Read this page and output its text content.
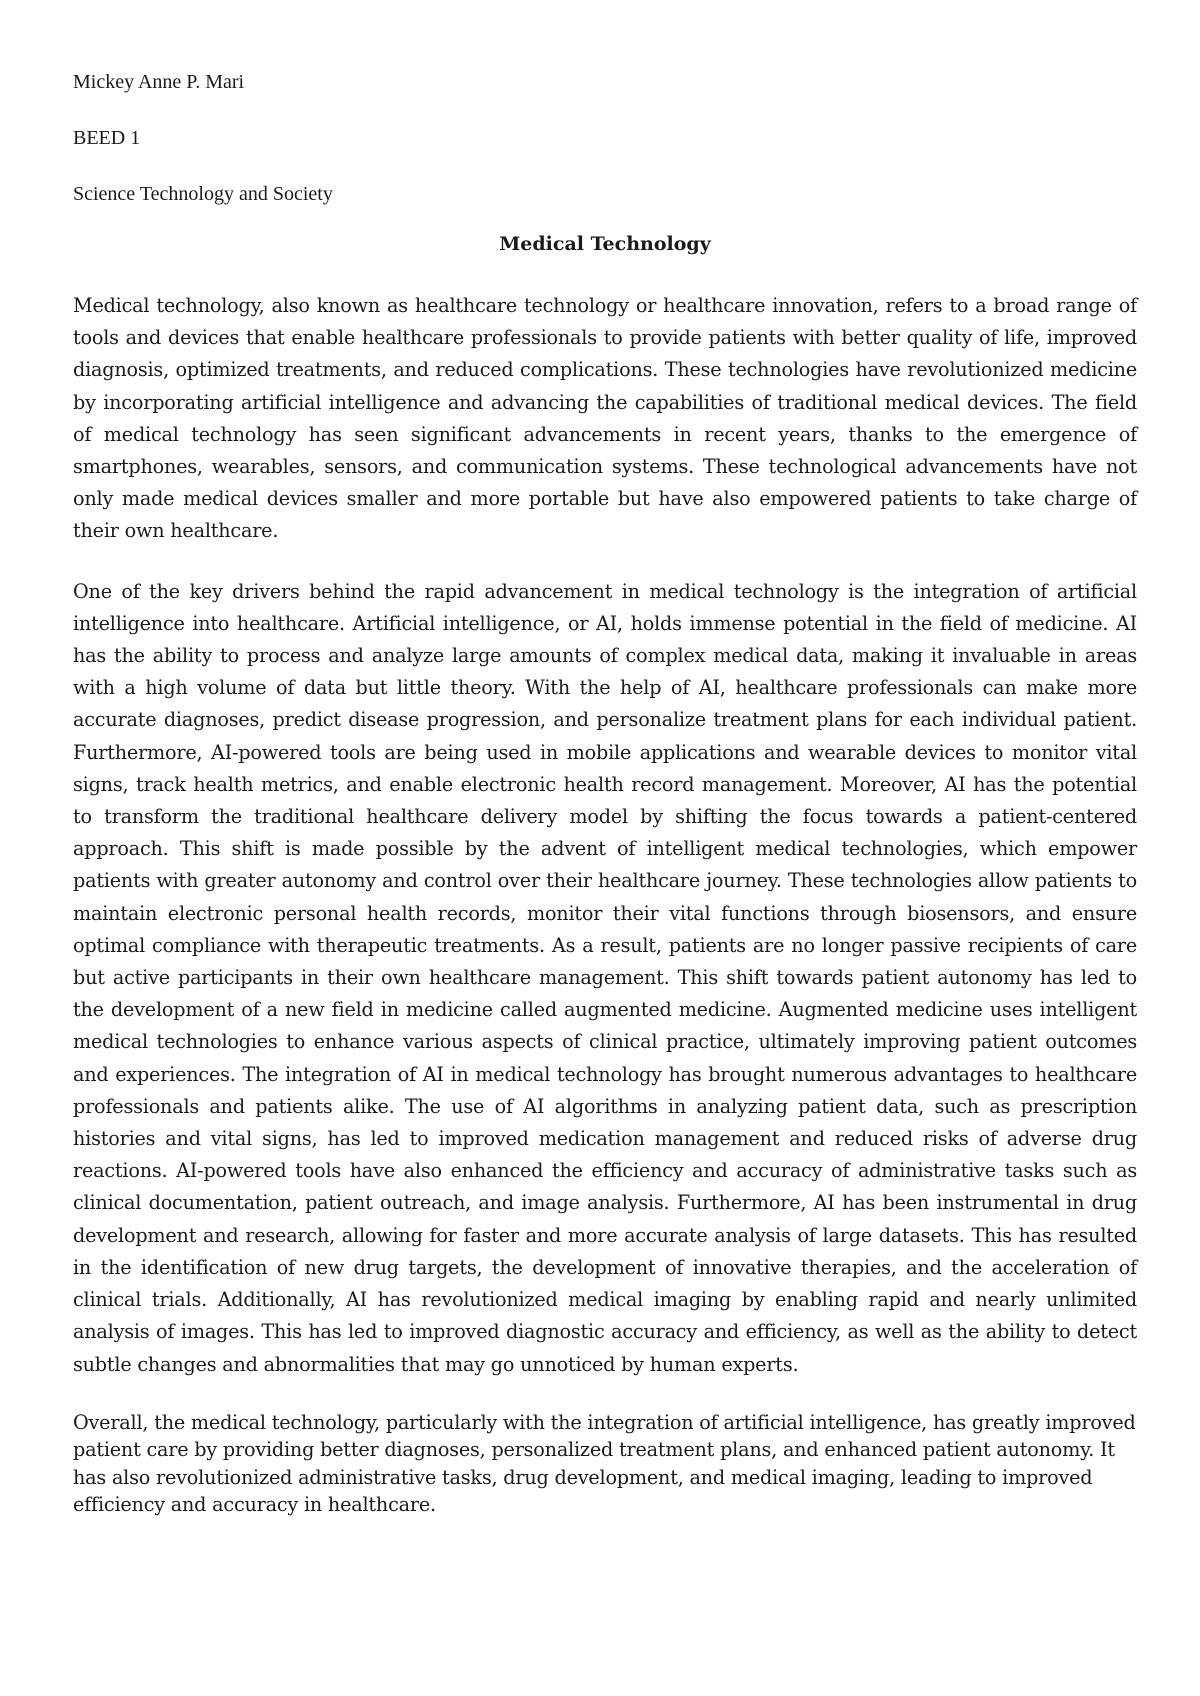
Mickey Anne P. Mari

BEED 1

Science Technology and Society

Medical Technology

Medical technology, also known as healthcare technology or healthcare innovation, refers to a broad range of tools and devices that enable healthcare professionals to provide patients with better quality of life, improved diagnosis, optimized treatments, and reduced complications. These technologies have revolutionized medicine by incorporating artificial intelligence and advancing the capabilities of traditional medical devices. The field of medical technology has seen significant advancements in recent years, thanks to the emergence of smartphones, wearables, sensors, and communication systems. These technological advancements have not only made medical devices smaller and more portable but have also empowered patients to take charge of their own healthcare.

One of the key drivers behind the rapid advancement in medical technology is the integration of artificial intelligence into healthcare. Artificial intelligence, or AI, holds immense potential in the field of medicine. AI has the ability to process and analyze large amounts of complex medical data, making it invaluable in areas with a high volume of data but little theory. With the help of AI, healthcare professionals can make more accurate diagnoses, predict disease progression, and personalize treatment plans for each individual patient. Furthermore, AI-powered tools are being used in mobile applications and wearable devices to monitor vital signs, track health metrics, and enable electronic health record management. Moreover, AI has the potential to transform the traditional healthcare delivery model by shifting the focus towards a patient-centered approach. This shift is made possible by the advent of intelligent medical technologies, which empower patients with greater autonomy and control over their healthcare journey. These technologies allow patients to maintain electronic personal health records, monitor their vital functions through biosensors, and ensure optimal compliance with therapeutic treatments. As a result, patients are no longer passive recipients of care but active participants in their own healthcare management. This shift towards patient autonomy has led to the development of a new field in medicine called augmented medicine. Augmented medicine uses intelligent medical technologies to enhance various aspects of clinical practice, ultimately improving patient outcomes and experiences. The integration of AI in medical technology has brought numerous advantages to healthcare professionals and patients alike. The use of AI algorithms in analyzing patient data, such as prescription histories and vital signs, has led to improved medication management and reduced risks of adverse drug reactions. AI-powered tools have also enhanced the efficiency and accuracy of administrative tasks such as clinical documentation, patient outreach, and image analysis. Furthermore, AI has been instrumental in drug development and research, allowing for faster and more accurate analysis of large datasets. This has resulted in the identification of new drug targets, the development of innovative therapies, and the acceleration of clinical trials. Additionally, AI has revolutionized medical imaging by enabling rapid and nearly unlimited analysis of images. This has led to improved diagnostic accuracy and efficiency, as well as the ability to detect subtle changes and abnormalities that may go unnoticed by human experts.

Overall, the medical technology, particularly with the integration of artificial intelligence, has greatly improved patient care by providing better diagnoses, personalized treatment plans, and enhanced patient autonomy. It has also revolutionized administrative tasks, drug development, and medical imaging, leading to improved efficiency and accuracy in healthcare.
